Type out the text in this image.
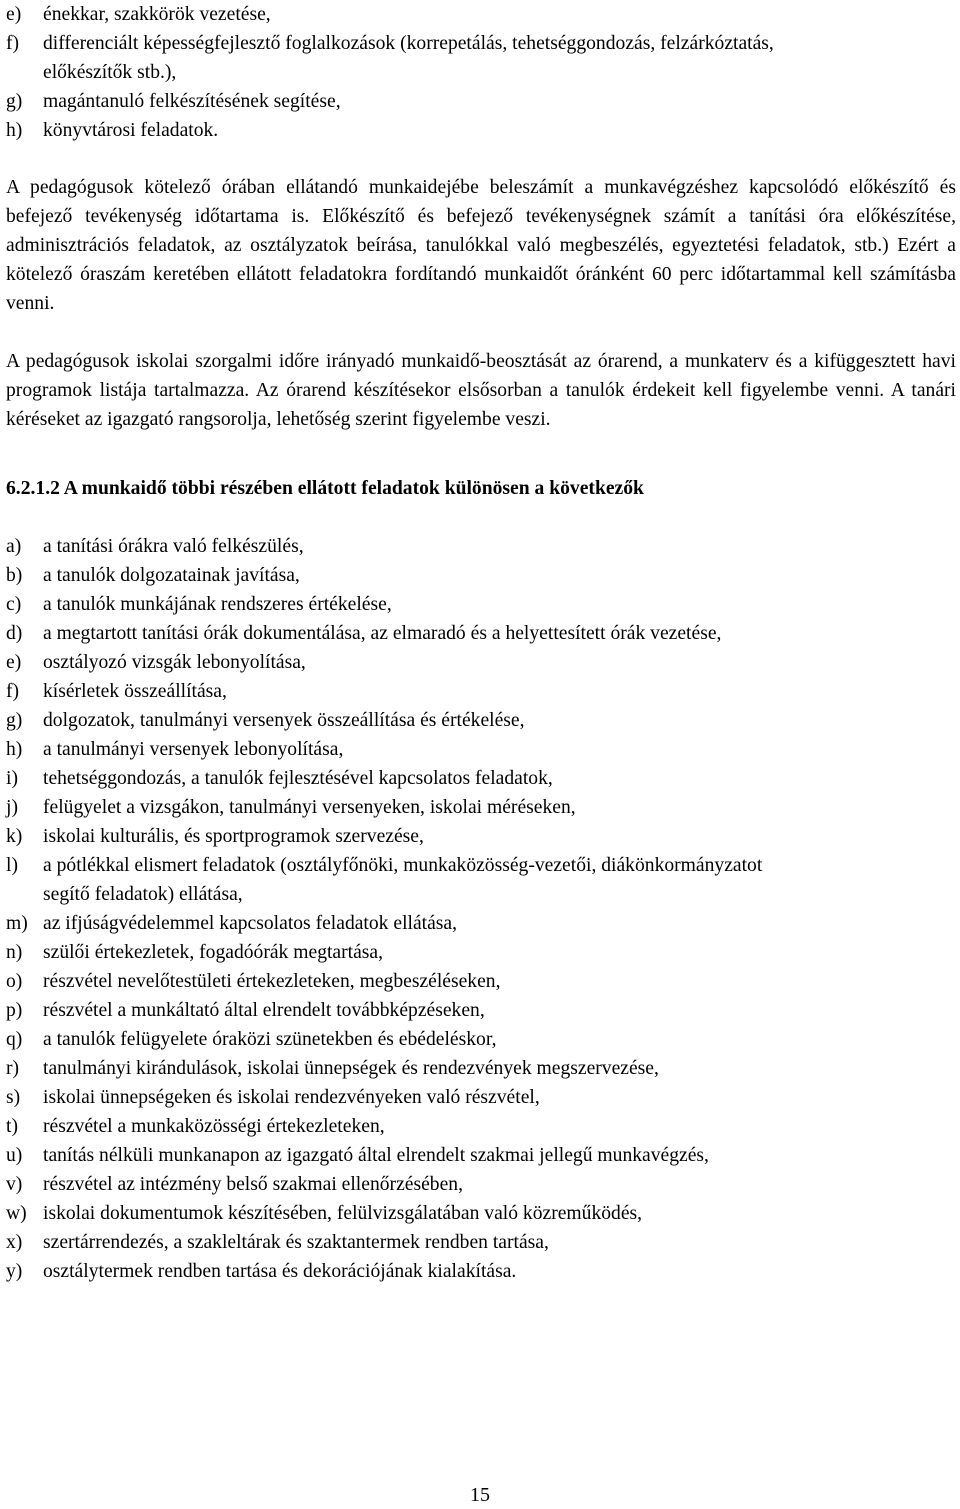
e) énekkar, szakkörök vezetése,
f) differenciált képességfejlesztő foglalkozások (korrepetálás, tehetséggondozás, felzárkóztatás, előkészítők stb.),
g) magántanuló felkészítésének segítése,
h) könyvtárosi feladatok.

A pedagógusok kötelező órában ellátandó munkaidejébe beleszámít a munkavégzéshez kapcsolódó előkészítő és befejező tevékenység időtartama is. Előkészítő és befejező tevékenységnek számít a tanítási óra előkészítése, adminisztrációs feladatok, az osztályzatok beírása, tanulókkal való megbeszélés, egyeztetési feladatok, stb.) Ezért a kötelező óraszám keretében ellátott feladatokra fordítandó munkaidőt óránként 60 perc időtartammal kell számításba venni.

A pedagógusok iskolai szorgalmi időre irányadó munkaidő-beosztását az órarend, a munkaterv és a kifüggesztett havi programok listája tartalmazza. Az órarend készítésekor elsősorban a tanulók érdekeit kell figyelembe venni. A tanári kéréseket az igazgató rangsorolja, lehetőség szerint figyelembe veszi.

6.2.1.2 A munkaidő többi részében ellátott feladatok különösen a következők
a) a tanítási órákra való felkészülés,
b) a tanulók dolgozatainak javítása,
c) a tanulók munkájának rendszeres értékelése,
d) a megtartott tanítási órák dokumentálása, az elmaradó és a helyettesített órák vezetése,
e) osztályozó vizsgák lebonyolítása,
f) kísérletek összeállítása,
g) dolgozatok, tanulmányi versenyek összeállítása és értékelése,
h) a tanulmányi versenyek lebonyolítása,
i) tehetséggondozás, a tanulók fejlesztésével kapcsolatos feladatok,
j) felügyelet a vizsgákon, tanulmányi versenyeken, iskolai méréseken,
k) iskolai kulturális, és sportprogramok szervezése,
l) a pótlékkal elismert feladatok (osztályfőnöki, munkaközösség-vezetői, diákönkormányzatot segítő feladatok) ellátása,
m) az ifjúságvédelemmel kapcsolatos feladatok ellátása,
n) szülői értekezletek, fogadóórák megtartása,
o) részvétel nevelőtestületi értekezleteken, megbeszéléseken,
p) részvétel a munkáltató által elrendelt továbbképzéseken,
q) a tanulók felügyelete óraközi szünetekben és ebédeléskor,
r) tanulmányi kirándulások, iskolai ünnepségek és rendezvények megszervezése,
s) iskolai ünnepségeken és iskolai rendezvényeken való részvétel,
t) részvétel a munkaközösségi értekezleteken,
u) tanítás nélküli munkanapon az igazgató által elrendelt szakmai jellegű munkavégzés,
v) részvétel az intézmény belső szakmai ellenőrzésében,
w) iskolai dokumentumok készítésében, felülvizsgálatában való közreműködés,
x) szertárrendezés, a szakleltárak és szaktantermek rendben tartása,
y) osztálytermek rendben tartása és dekorációjának kialakítása.
15
